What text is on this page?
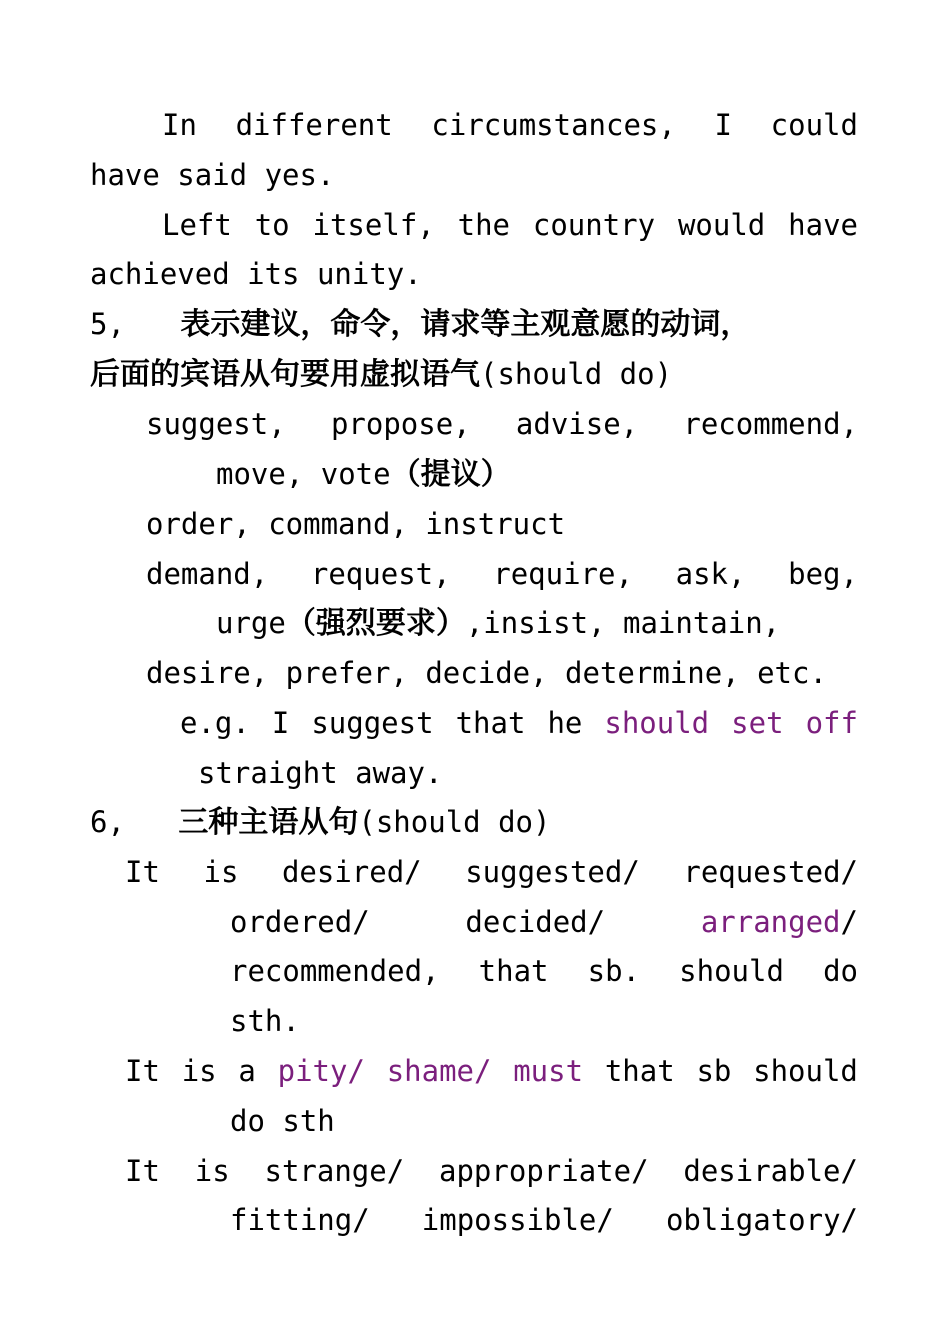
In different circumstances, I could
have said yes.
Left to itself, the country would have
achieved its unity.
5, 表示建议，命令，请求等主观意愿的动词，
后面的宾语从句要用虚拟语气(should do)
suggest, propose, advise, recommend,
move, vote（提议）
order, command, instruct
demand, request, require, ask, beg,
urge（强烈要求）,insist, maintain,
desire, prefer, decide, determine, etc.
e.g. I suggest that he should set off
straight away.
6, 三种主语从句(should do)
It is desired/ suggested/ requested/
ordered/	decided/	arranged/
recommended, that sb. should do
sth.
It is a pity/ shame/ must that sb should
do sth
It is strange/ appropriate/ desirable/
fitting/ impossible/ obligatory/
